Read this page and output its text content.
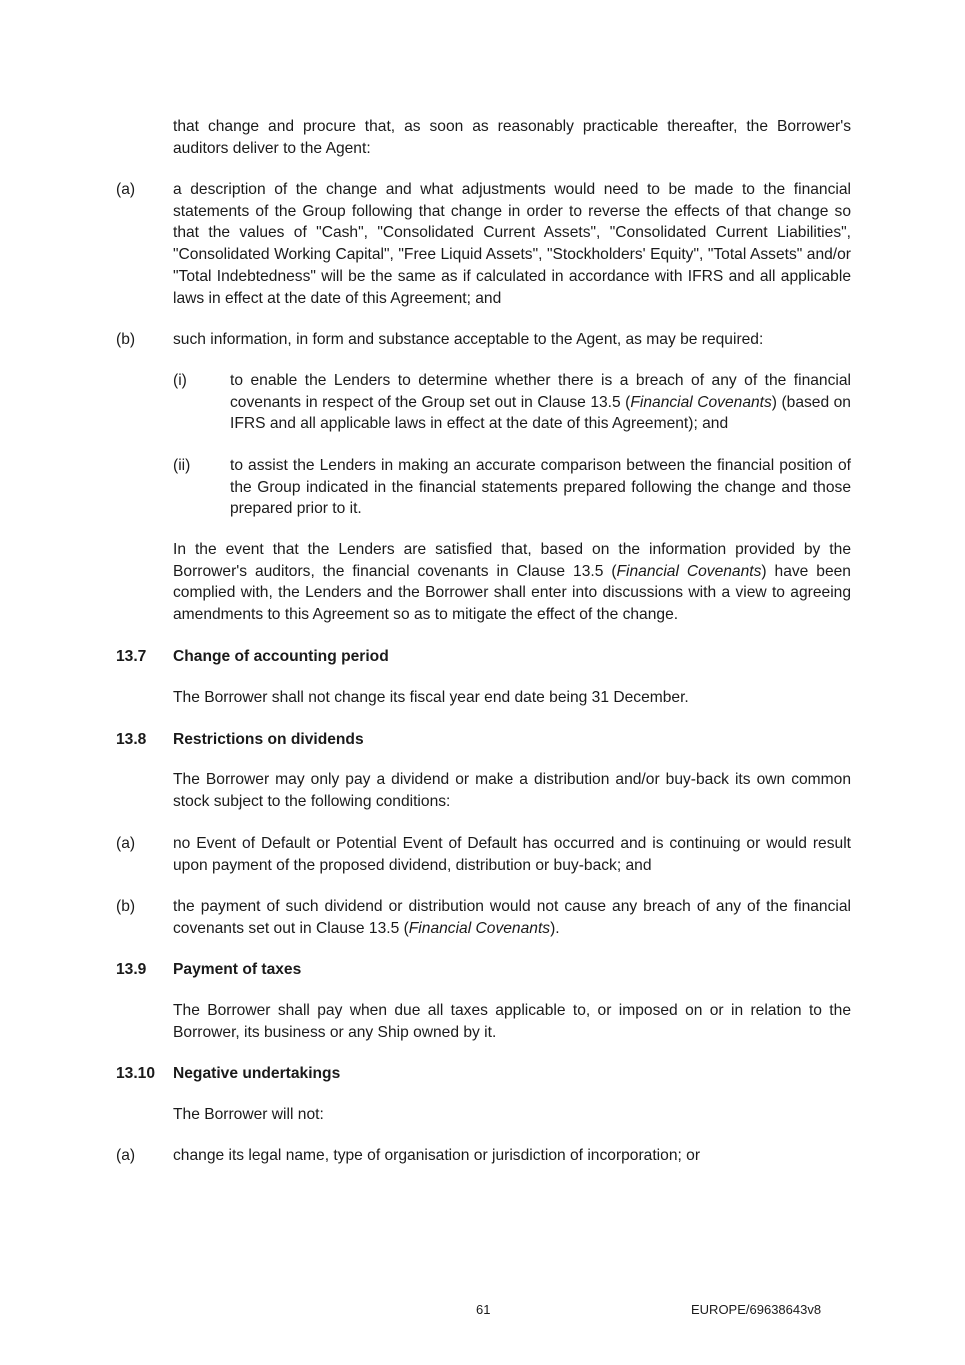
that change and procure that, as soon as reasonably practicable thereafter, the Borrower's auditors deliver to the Agent:
(a) a description of the change and what adjustments would need to be made to the financial statements of the Group following that change in order to reverse the effects of that change so that the values of "Cash", "Consolidated Current Assets", "Consolidated Current Liabilities", "Consolidated Working Capital", "Free Liquid Assets", "Stockholders' Equity", "Total Assets" and/or "Total Indebtedness" will be the same as if calculated in accordance with IFRS and all applicable laws in effect at the date of this Agreement; and
(b) such information, in form and substance acceptable to the Agent, as may be required:
(i)	to enable the Lenders to determine whether there is a breach of any of the financial covenants in respect of the Group set out in Clause 13.5 (Financial Covenants) (based on IFRS and all applicable laws in effect at the date of this Agreement); and
(ii)	to assist the Lenders in making an accurate comparison between the financial position of the Group indicated in the financial statements prepared following the change and those prepared prior to it.
In the event that the Lenders are satisfied that, based on the information provided by the Borrower's auditors, the financial covenants in Clause 13.5 (Financial Covenants) have been complied with, the Lenders and the Borrower shall enter into discussions with a view to agreeing amendments to this Agreement so as to mitigate the effect of the change.
13.7 Change of accounting period
The Borrower shall not change its fiscal year end date being 31 December.
13.8 Restrictions on dividends
The Borrower may only pay a dividend or make a distribution and/or buy-back its own common stock subject to the following conditions:
(a) no Event of Default or Potential Event of Default has occurred and is continuing or would result upon payment of the proposed dividend, distribution or buy-back; and
(b) the payment of such dividend or distribution would not cause any breach of any of the financial covenants set out in Clause 13.5 (Financial Covenants).
13.9 Payment of taxes
The Borrower shall pay when due all taxes applicable to, or imposed on or in relation to the Borrower, its business or any Ship owned by it.
13.10 Negative undertakings
The Borrower will not:
(a) change its legal name, type of organisation or jurisdiction of incorporation; or
61	EUROPE/69638643v8
